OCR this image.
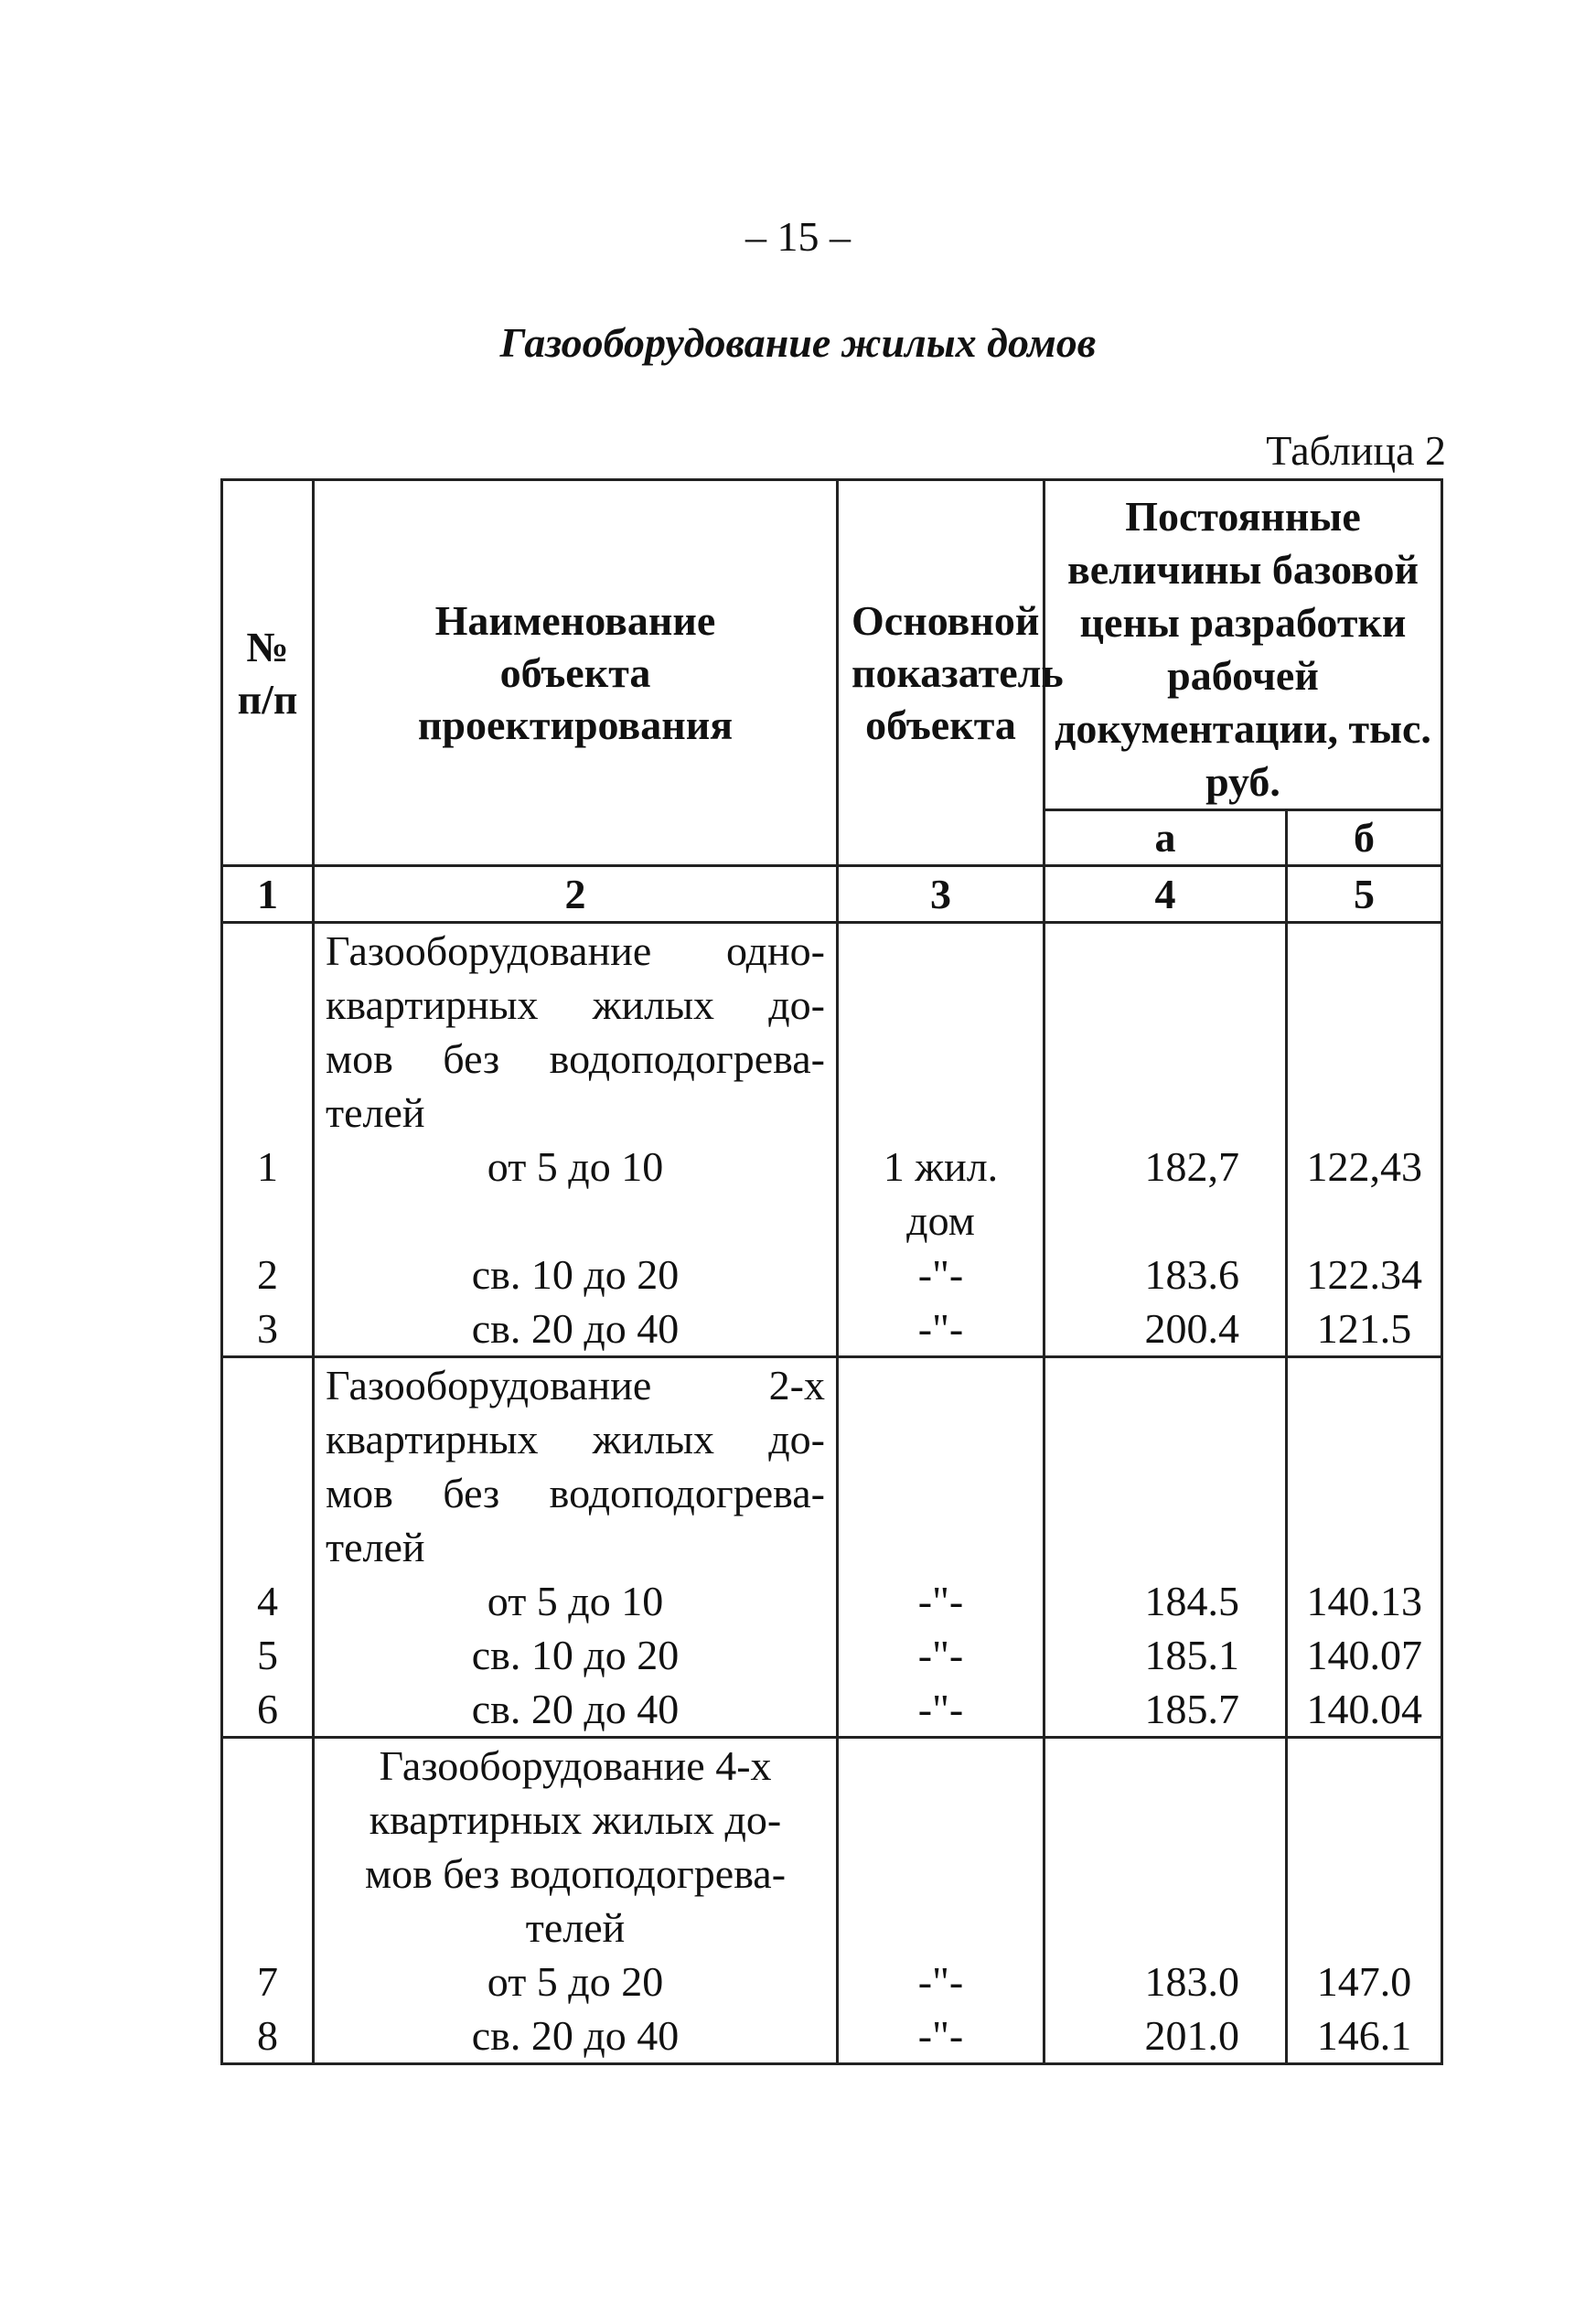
– 15 –
Газооборудование жилых домов
Таблица 2
№ п/п	Наименование объекта проектирования	Основной показатель объекта	Постоянные величины базовой цены разработки рабочей документации, тыс. руб.	
			а	б
1	2	3	4	5
	Газооборудование одно-			
	квартирных жилых до-			
	мов без водоподогрева-			
	телей			
1	от 5 до 10	1 жил.	182,7	122,43
		дом		
2	св. 10 до 20	-"-	183.6	122.34
3	св. 20 до 40	-"-	200.4	121.5
	Газооборудование 2-х			
	квартирных жилых до-			
	мов без водоподогрева-			
	телей			
4	от 5 до 10	-"-	184.5	140.13
5	св. 10 до 20	-"-	185.1	140.07
6	св. 20 до 40	-"-	185.7	140.04
	Газооборудование 4-х			
	квартирных жилых до-			
	мов без водоподогрева-			
	телей			
7	от 5 до 20	-"-	183.0	147.0
8	св. 20 до 40	-"-	201.0	146.1
